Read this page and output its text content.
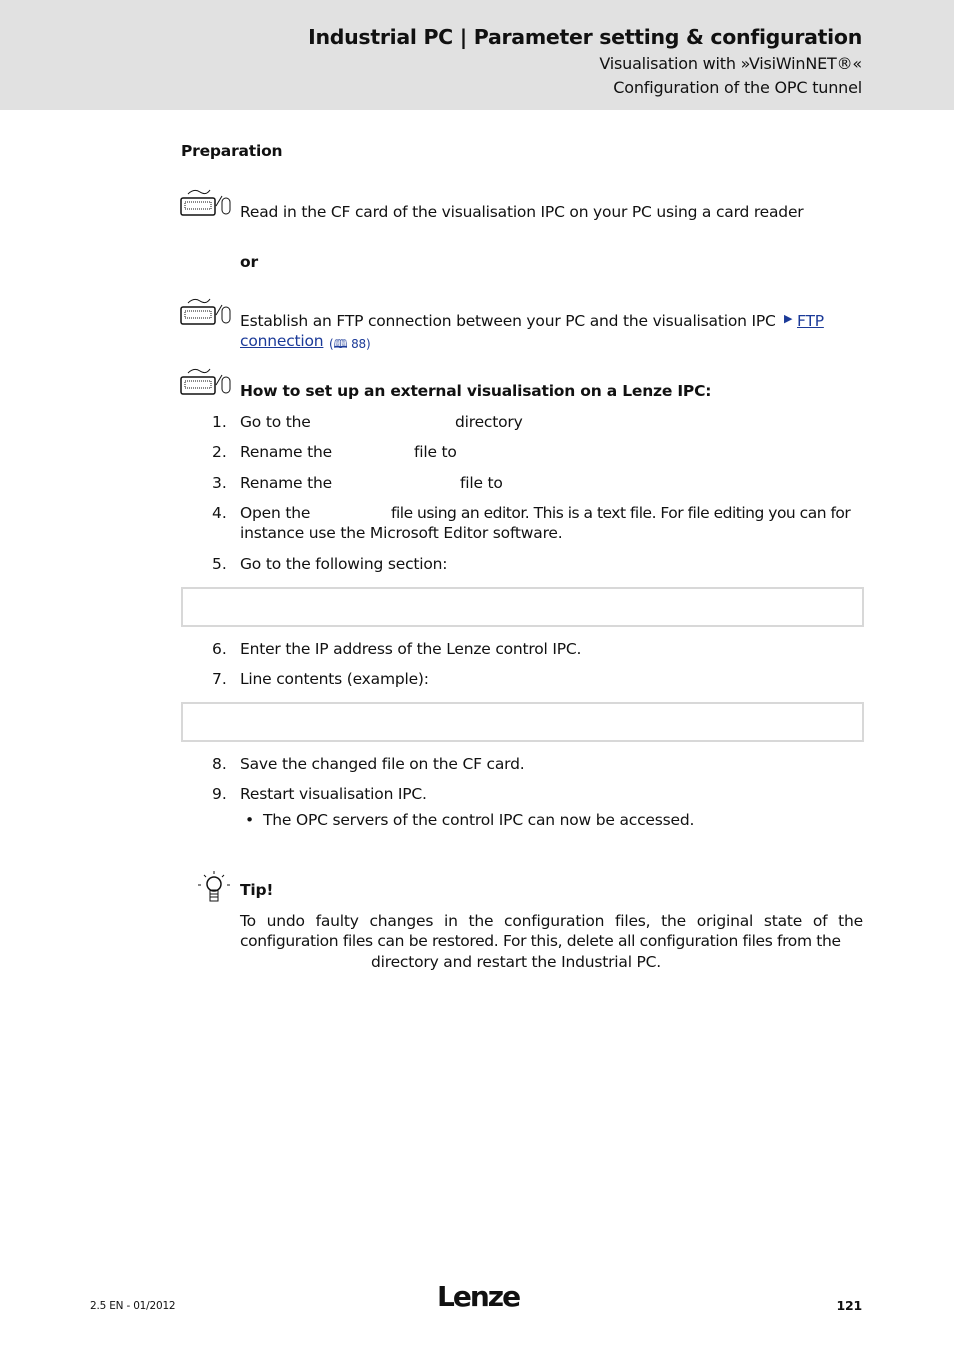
Industrial PC | Parameter setting & configuration
Visualisation with »VisiWinNET®«
Configuration of the OPC tunnel
Preparation
Read in the CF card of the visualisation IPC on your PC using a card reader
or
Establish an FTP connection between your PC and the visualisation IPC ▶ FTP
connection (🕮 88)
How to set up an external visualisation on a Lenze IPC:
1. Go to the	directory
2. Rename the	file to
3. Rename the	file to
4. Open the	file using an editor. This is a text file. For file editing you can for
instance use the Microsoft Editor software.
5. Go to the following section:
6. Enter the IP address of the Lenze control IPC.
7. Line contents (example):
8. Save the changed file on the CF card.
9. Restart visualisation IPC.
• The OPC servers of the control IPC can now be accessed.
Tip!
To undo faulty changes in the configuration files, the original state of the
configuration files can be restored. For this, delete all configuration files from the
directory and restart the Industrial PC.
2.5 EN - 01/2012	Lenze	121
